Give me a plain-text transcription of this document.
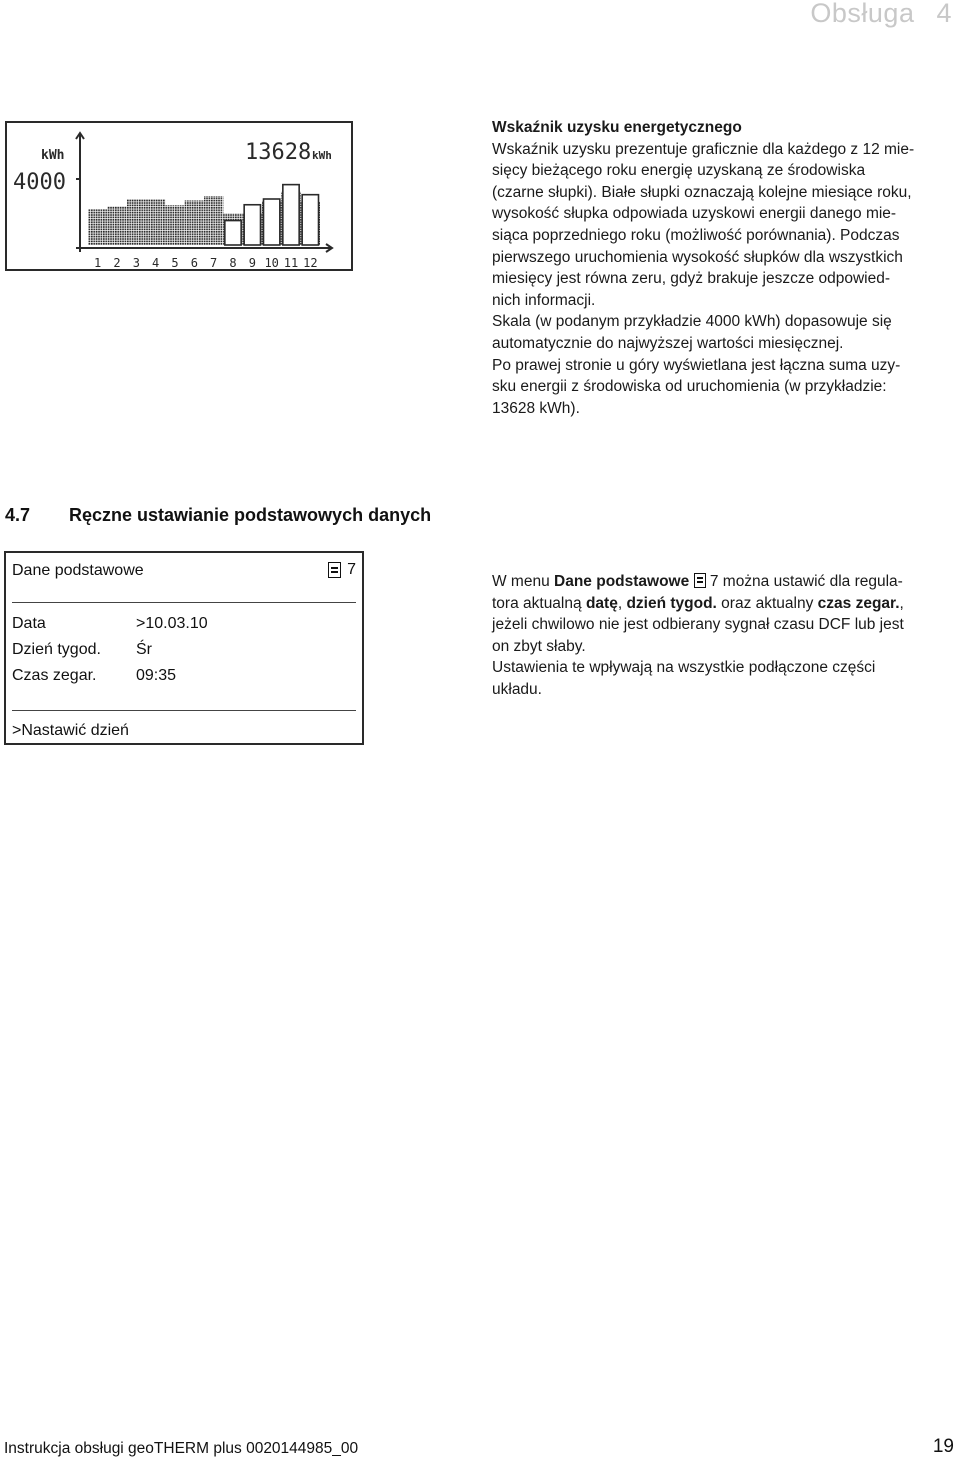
Obsługa 4
kWh
4000
13628 kWh
1 2 3 4 5 6 7 8 9 10 11 12

Wskaźnik uzysku energetycznego

Wskaźnik uzysku prezentuje graficznie dla każdego z 12 mie-

sięcy bieżącego roku energię uzyskaną ze środowiska

(czarne słupki). Białe słupki oznaczają kolejne miesiące roku,

wysokość słupka odpowiada uzyskowi energii danego mie-

siąca poprzedniego roku (możliwość porównania). Podczas

pierwszego uruchomienia wysokość słupków dla wszystkich

miesięcy jest równa zeru, gdyż brakuje jeszcze odpowied-

nich informacji.

Skala (w podanym przykładzie 4000 kWh) dopasowuje się

automatycznie do najwyższej wartości miesięcznej.

Po prawej stronie u góry wyświetlana jest łączna suma uzy-

sku energii z środowiska od uruchomienia (w przykładzie:

13628 kWh).

4.7 Ręczne ustawianie podstawowych danych
Dane podstawowe	7
Data	>10.03.10
Dzień tygod. Śr
Czas zegar. 09:35
>Nastawić dzień

W menu Dane podstawowe  7 można ustawić dla regula-

tora aktualną datę, dzień tygod. oraz aktualny czas zegar.,

jeżeli chwilowo nie jest odbierany sygnał czasu DCF lub jest

on zbyt słaby.

Ustawienia te wpływają na wszystkie podłączone części

układu.

Instrukcja obsługi geoTHERM plus 0020144985_00	19
